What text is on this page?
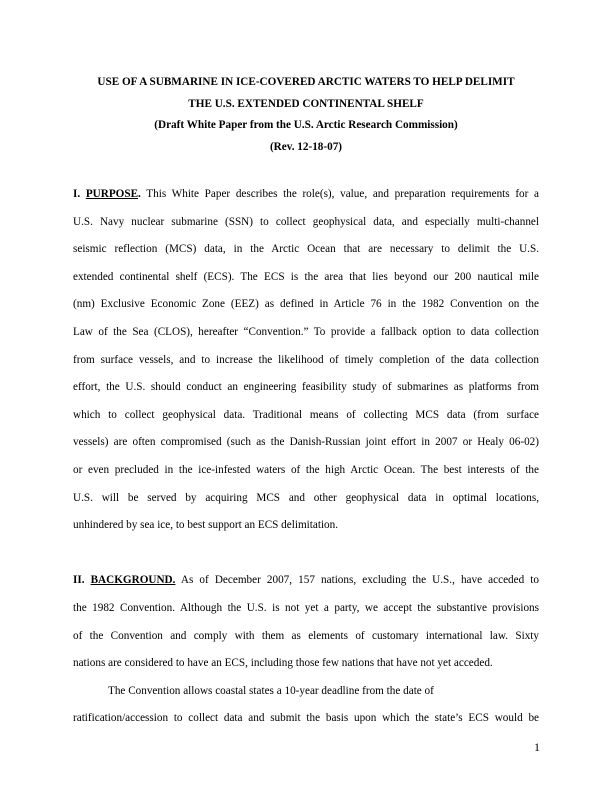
USE OF A SUBMARINE IN ICE-COVERED ARCTIC WATERS TO HELP DELIMIT
THE U.S. EXTENDED CONTINENTAL SHELF
(Draft White Paper from the U.S. Arctic Research Commission)
(Rev. 12-18-07)
I. PURPOSE. This White Paper describes the role(s), value, and preparation requirements for a
U.S. Navy nuclear submarine (SSN) to collect geophysical data, and especially multi-channel
seismic reflection (MCS) data, in the Arctic Ocean that are necessary to delimit the U.S.
extended continental shelf (ECS). The ECS is the area that lies beyond our 200 nautical mile
(nm) Exclusive Economic Zone (EEZ) as defined in Article 76 in the 1982 Convention on the
Law of the Sea (CLOS), hereafter “Convention.” To provide a fallback option to data collection
from surface vessels, and to increase the likelihood of timely completion of the data collection
effort, the U.S. should conduct an engineering feasibility study of submarines as platforms from
which to collect geophysical data. Traditional means of collecting MCS data (from surface
vessels) are often compromised (such as the Danish-Russian joint effort in 2007 or Healy 06-02)
or even precluded in the ice-infested waters of the high Arctic Ocean. The best interests of the
U.S. will be served by acquiring MCS and other geophysical data in optimal locations,
unhindered by sea ice, to best support an ECS delimitation.
II. BACKGROUND. As of December 2007, 157 nations, excluding the U.S., have acceded to
the 1982 Convention. Although the U.S. is not yet a party, we accept the substantive provisions
of the Convention and comply with them as elements of customary international law. Sixty
nations are considered to have an ECS, including those few nations that have not yet acceded.
The Convention allows coastal states a 10-year deadline from the date of
ratification/accession to collect data and submit the basis upon which the state’s ECS would be
1
